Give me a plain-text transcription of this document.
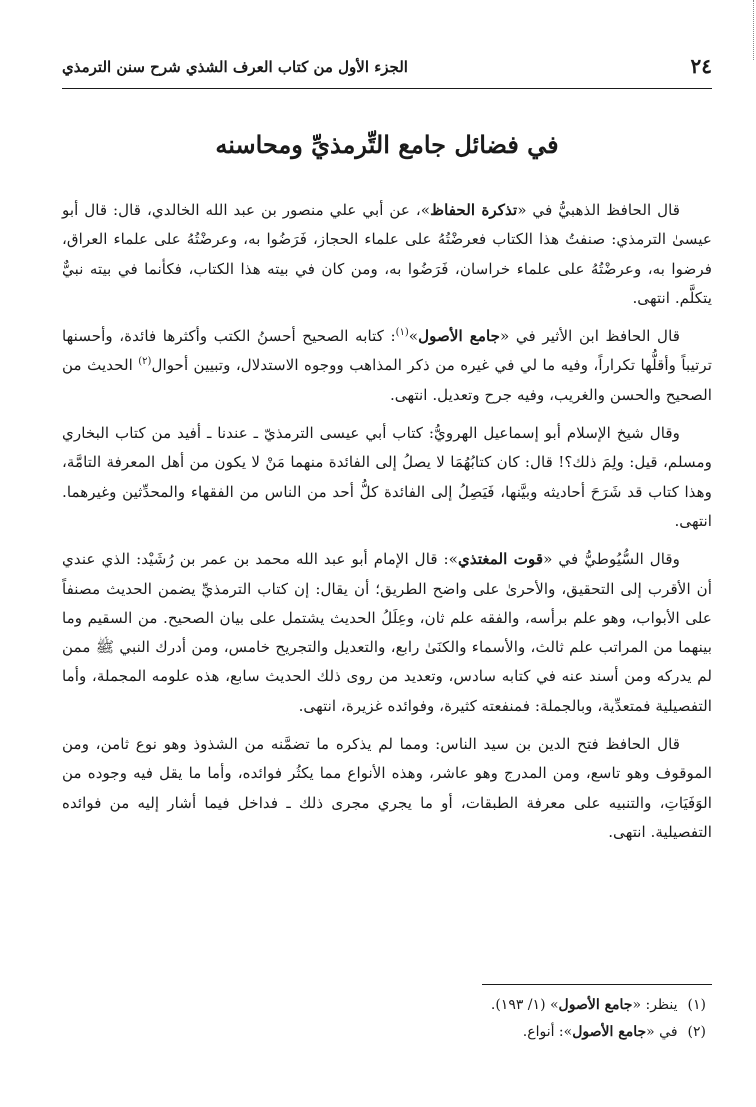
٢٤
الجزء الأول من كتاب العرف الشذي شرح سنن الترمذي
في فضائل جامع التِّرمذيِّ ومحاسنه

قال الحافظ الذهبيُّ في «تذكرة الحفاظ»، عن أبي علي منصور بن عبد الله الخالدي، قال: قال أبو عيسىٰ الترمذي: صنفتُ هذا الكتاب فعرضْتُهُ على علماء الحجاز، فَرَضُوا به، وعرضْتُهُ على علماء العراق، فرضوا به، وعرضْتُهُ على علماء خراسان، فَرَضُوا به، ومن كان في بيته هذا الكتاب، فكأنما في بيته نبيٌّ يتكلَّم. انتهى.

قال الحافظ ابن الأثير في «جامع الأصول»$^{(١)}$: كتابه الصحيح أحسنُ الكتب وأكثرها فائدة، وأحسنها ترتيباً وأقلُّها تكراراً، وفيه ما لي في غيره من ذكر المذاهب ووجوه الاستدلال، وتبيين أحوال$^{(٢)}$ الحديث من الصحيح والحسن والغريب، وفيه جرح وتعديل. انتهى.

وقال شيخ الإسلام أبو إسماعيل الهرويُّ: كتاب أبي عيسى الترمذيّ ـ عندنا ـ أفيد من كتاب البخاري ومسلم، قيل: ولِمَ ذلك؟! قال: كان كتابُهُمَا لا يصلُ إلى الفائدة منهما مَنْ لا يكون من أهل المعرفة التامَّة، وهذا كتاب قد شَرَحَ أحاديثه وبيَّنها، فَيَصِلُ إلى الفائدة كلُّ أحد من الناس من الفقهاء والمحدِّثين وغيرهما. انتهى.

وقال السُّيُوطيُّ في «قوت المغتذي»: قال الإمام أبو عبد الله محمد بن عمر بن رُشَيْد: الذي عندي أن الأقرب إلى التحقيق، والأحرىٰ على واضح الطريق؛ أن يقال: إن كتاب الترمذيِّ يضمن الحديث مصنفاً على الأبواب، وهو علم برأسه، والفقه علم ثان، وعِلَلُ الحديث يشتمل على بيان الصحيح. من السقيم وما بينهما من المراتب علم ثالث، والأسماء والكنَىٰ رابع، والتعديل والتجريح خامس، ومن أدرك النبي ﷺ ممن لم يدركه ومن أسند عنه في كتابه سادس، وتعديد من روى ذلك الحديث سابع، هذه علومه المجملة، وأما التفصيلية فمتعدِّية، وبالجملة: فمنفعته كثيرة، وفوائده غزيرة، انتهى.

قال الحافظ فتح الدين بن سيد الناس: ومما لم يذكره ما تضمَّنه من الشذوذ وهو نوع ثامن، ومن الموقوف وهو تاسع، ومن المدرج وهو عاشر، وهذه الأنواع مما يكثُر فوائده، وأما ما يقل فيه وجوده من الوَفَيَاتِ، والتنبيه على معرفة الطبقات، أو ما يجري مجرى ذلك ـ فداخل فيما أشار إليه من فوائده التفصيلية. انتهى.

(١)ينظر: «جامع الأصول» (١/ ١٩٣).

(٢)في «جامع الأصول»: أنواع.
